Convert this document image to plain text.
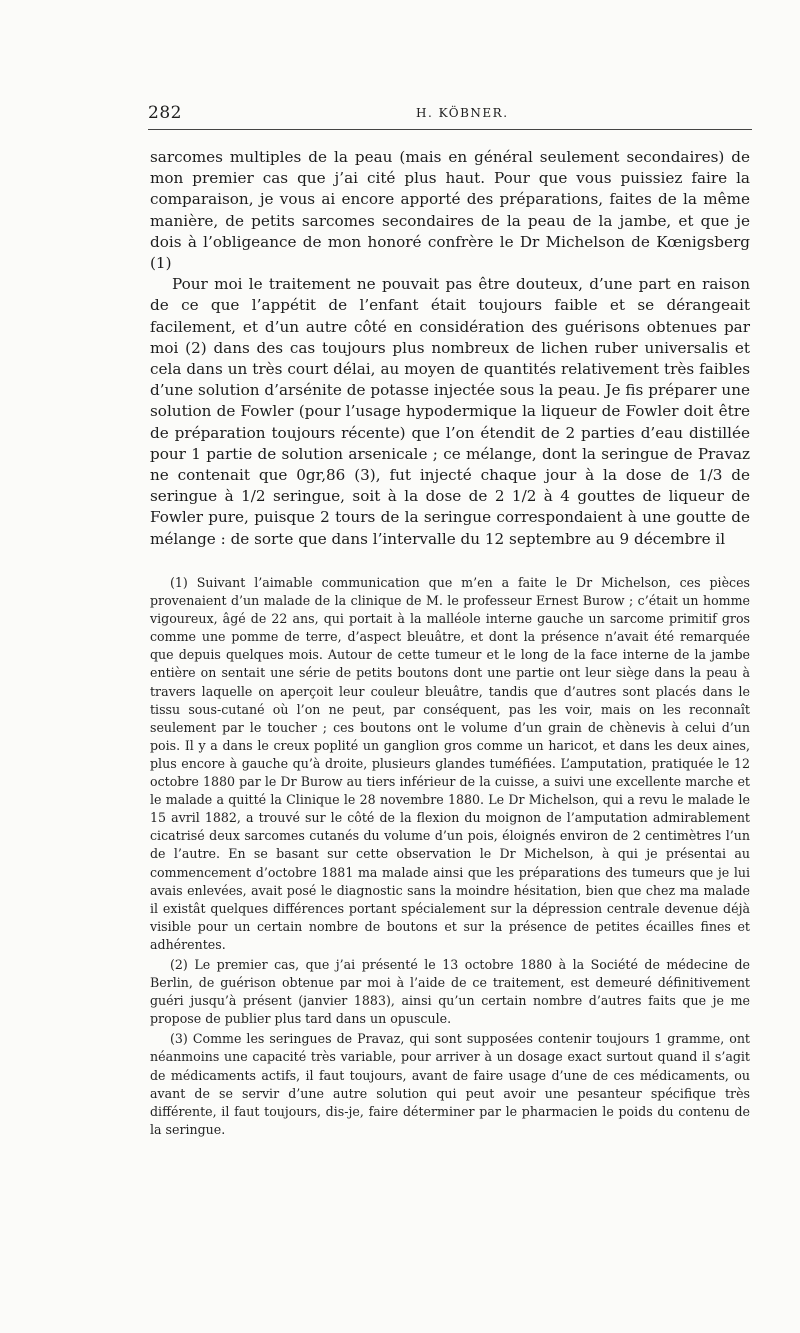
282	H. KÖBNER.

sarcomes multiples de la peau (mais en général seulement secondaires) de mon premier cas que j’ai cité plus haut. Pour que vous puissiez faire la comparaison, je vous ai encore apporté des préparations, faites de la même manière, de petits sarcomes secondaires de la peau de la jambe, et que je dois à l’obligeance de mon honoré confrère le Dr Michelson de Kœnigsberg (1)

Pour moi le traitement ne pouvait pas être douteux, d’une part en raison de ce que l’appétit de l’enfant était toujours faible et se dérangeait facilement, et d’un autre côté en considération des guérisons obtenues par moi (2) dans des cas toujours plus nombreux de lichen ruber universalis et cela dans un très court délai, au moyen de quantités relativement très faibles d’une solution d’arsénite de potasse injectée sous la peau. Je fis préparer une solution de Fowler (pour l’usage hypodermique la liqueur de Fowler doit être de préparation toujours récente) que l’on étendit de 2 parties d’eau distillée pour 1 partie de solution arsenicale ; ce mélange, dont la seringue de Pravaz ne contenait que 0gr,86 (3), fut injecté chaque jour à la dose de 1/3 de seringue à 1/2 seringue, soit à la dose de 2 1/2 à 4 gouttes de liqueur de Fowler pure, puisque 2 tours de la seringue correspondaient à une goutte de mélange : de sorte que dans l’intervalle du 12 septembre au 9 décembre il

(1) Suivant l’aimable communication que m’en a faite le Dr Michelson, ces pièces provenaient d’un malade de la clinique de M. le professeur Ernest Burow ; c’était un homme vigoureux, âgé de 22 ans, qui portait à la malléole interne gauche un sarcome primitif gros comme une pomme de terre, d’aspect bleuâtre, et dont la présence n’avait été remarquée que depuis quelques mois. Autour de cette tumeur et le long de la face interne de la jambe entière on sentait une série de petits boutons dont une partie ont leur siège dans la peau à travers laquelle on aperçoit leur couleur bleuâtre, tandis que d’autres sont placés dans le tissu sous-cutané où l’on ne peut, par conséquent, pas les voir, mais on les reconnaît seulement par le toucher ; ces boutons ont le volume d’un grain de chènevis à celui d’un pois. Il y a dans le creux poplité un ganglion gros comme un haricot, et dans les deux aines, plus encore à gauche qu’à droite, plusieurs glandes tuméfiées. L’amputation, pratiquée le 12 octobre 1880 par le Dr Burow au tiers inférieur de la cuisse, a suivi une excellente marche et le malade a quitté la Clinique le 28 novembre 1880. Le Dr Michelson, qui a revu le malade le 15 avril 1882, a trouvé sur le côté de la flexion du moignon de l’amputation admirablement cicatrisé deux sarcomes cutanés du volume d’un pois, éloignés environ de 2 centimètres l’un de l’autre. En se basant sur cette observation le Dr Michelson, à qui je présentai au commencement d’octobre 1881 ma malade ainsi que les préparations des tumeurs que je lui avais enlevées, avait posé le diagnostic sans la moindre hésitation, bien que chez ma malade il existât quelques différences portant spécialement sur la dépression centrale devenue déjà visible pour un certain nombre de boutons et sur la présence de petites écailles fines et adhérentes.

(2) Le premier cas, que j’ai présenté le 13 octobre 1880 à la Société de médecine de Berlin, de guérison obtenue par moi à l’aide de ce traitement, est demeuré définitivement guéri jusqu’à présent (janvier 1883), ainsi qu’un certain nombre d’autres faits que je me propose de publier plus tard dans un opuscule.

(3) Comme les seringues de Pravaz, qui sont supposées contenir toujours 1 gramme, ont néanmoins une capacité très variable, pour arriver à un dosage exact surtout quand il s’agit de médicaments actifs, il faut toujours, avant de faire usage d’une de ces médicaments, ou avant de se servir d’une autre solution qui peut avoir une pesanteur spécifique très différente, il faut toujours, dis-je, faire déterminer par le pharmacien le poids du contenu de la seringue.
